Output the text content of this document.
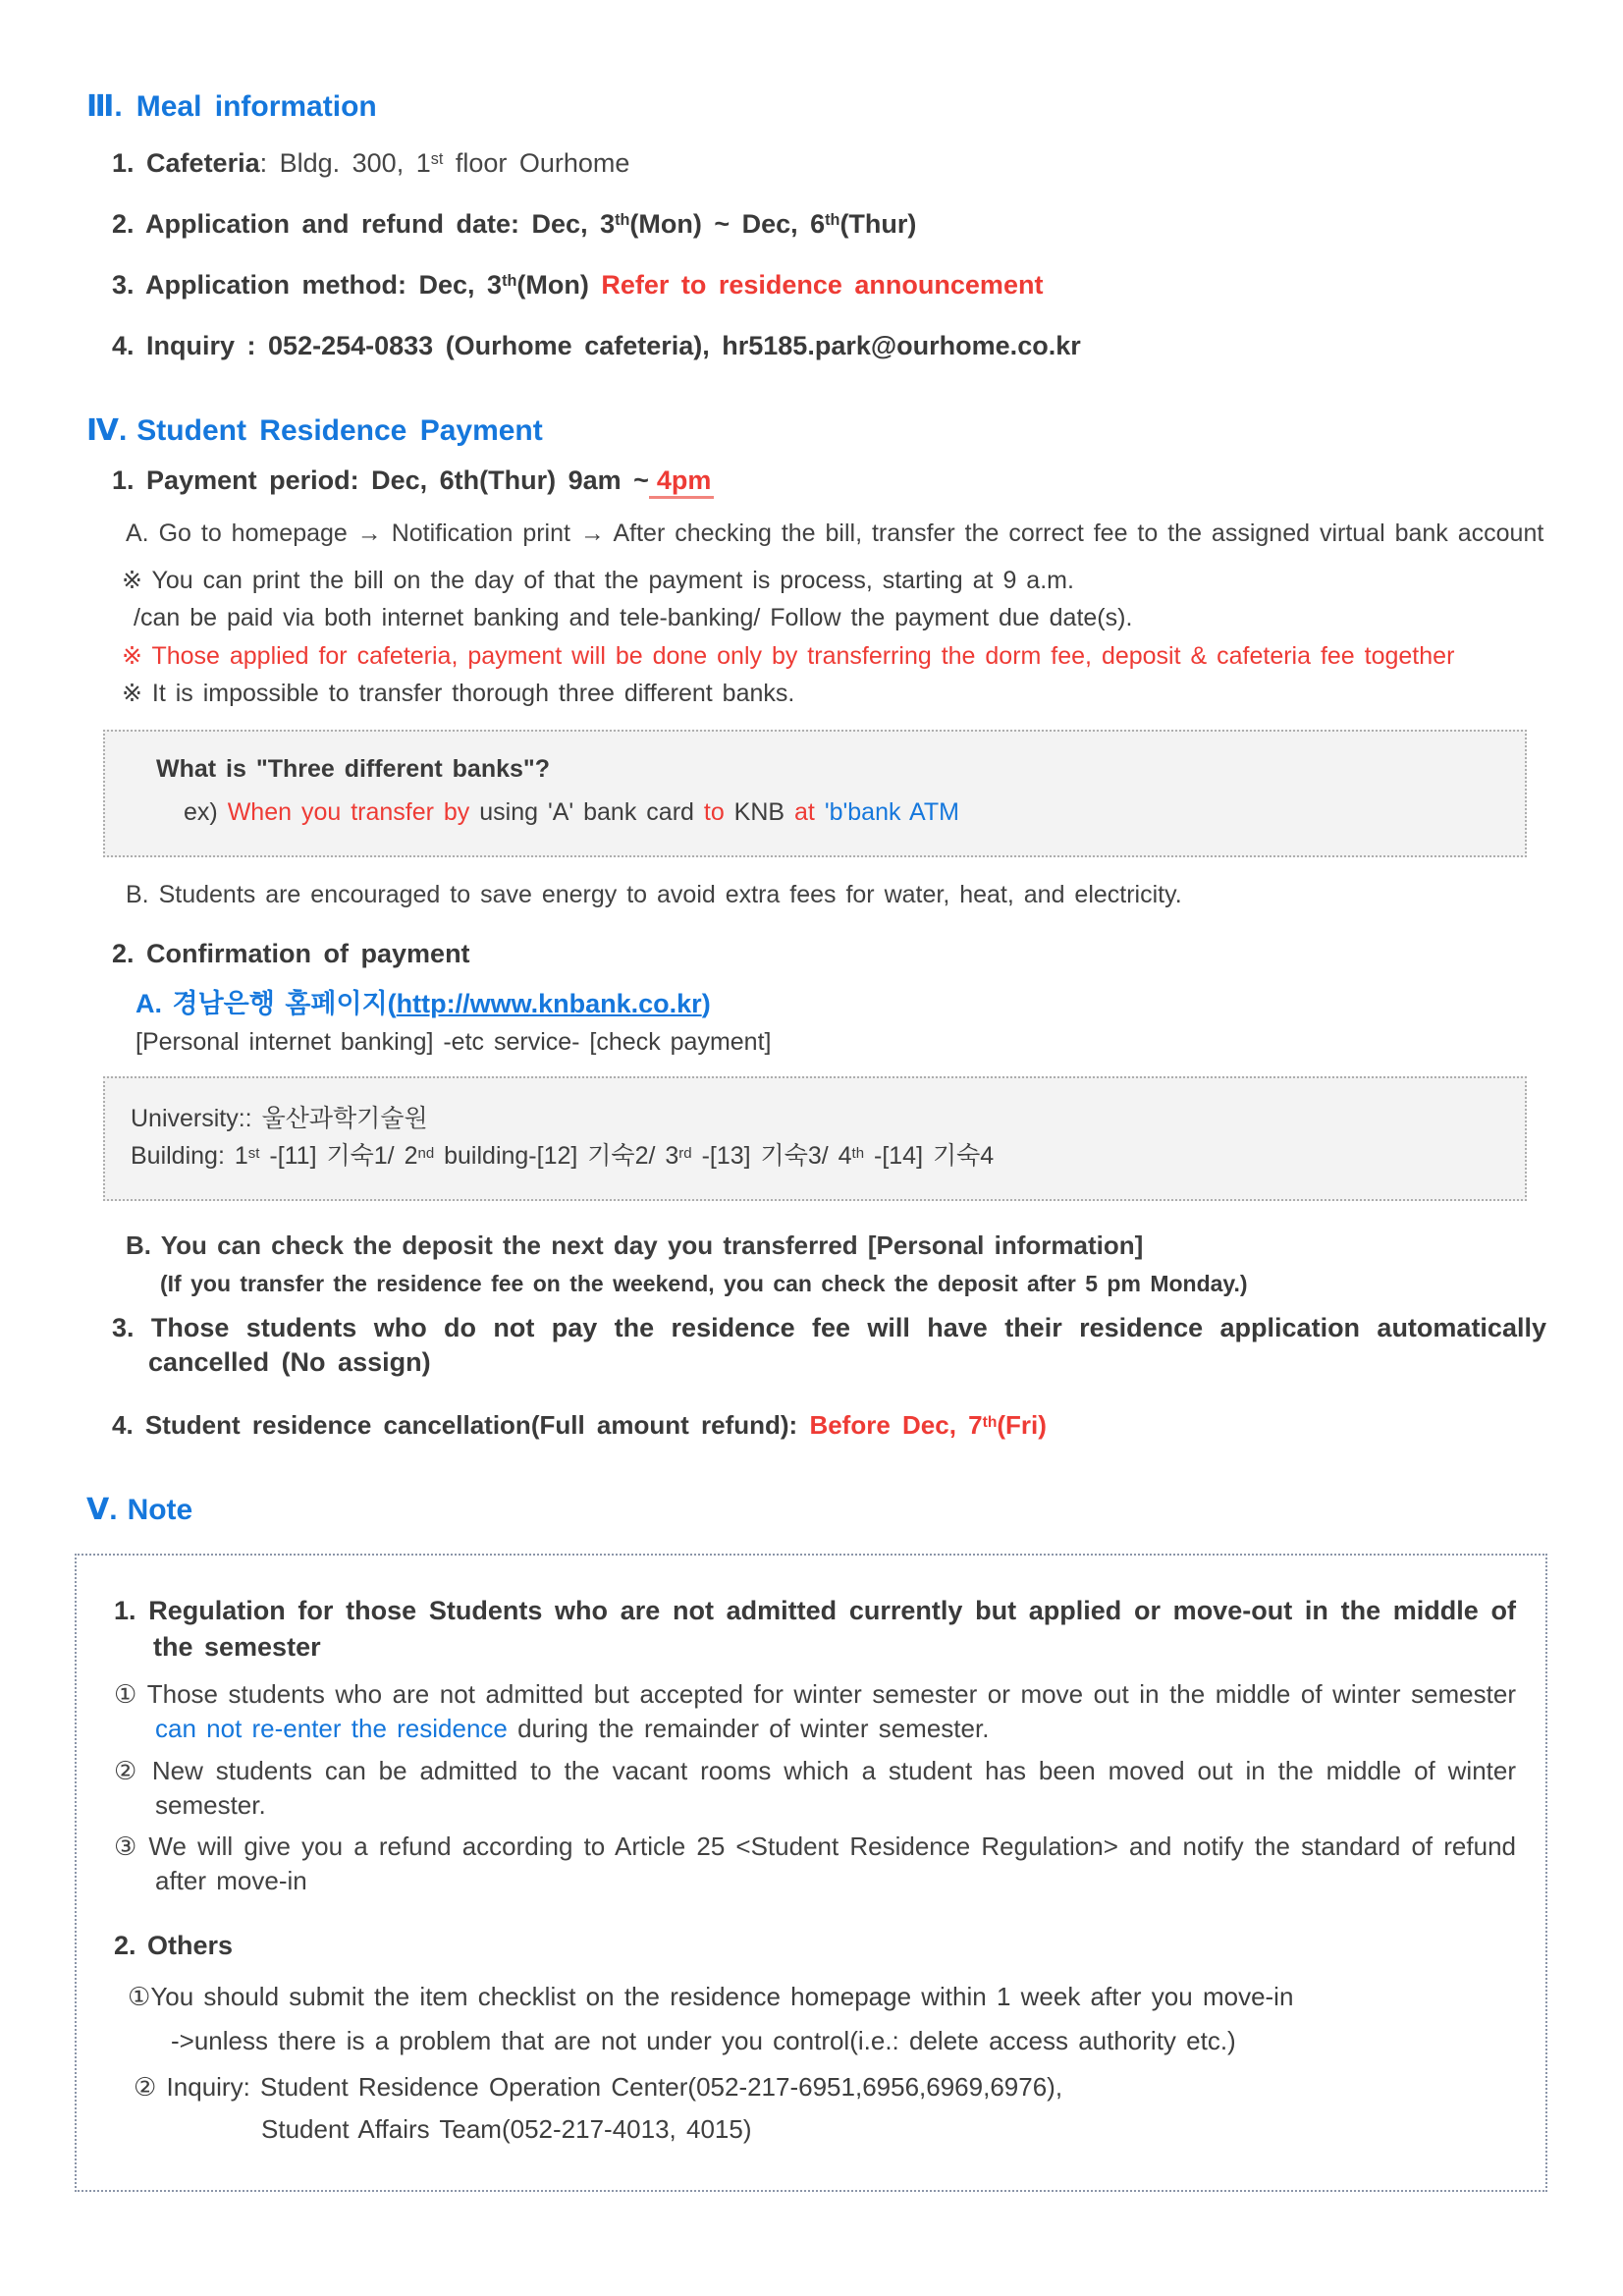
Ⅲ. Meal information
1. Cafeteria: Bldg. 300, 1st floor Ourhome
2. Application and refund date: Dec, 3th(Mon) ~ Dec, 6th(Thur)
3. Application method: Dec, 3th(Mon) Refer to residence announcement
4. Inquiry : 052-254-0833 (Ourhome cafeteria), hr5185.park@ourhome.co.kr
Ⅳ. Student Residence Payment
1. Payment period: Dec, 6th(Thur) 9am ~ 4pm
A. Go to homepage → Notification print → After checking the bill, transfer the correct fee to the assigned virtual bank account
※ You can print the bill on the day of that the payment is process, starting at 9 a.m.
/can be paid via both internet banking and tele-banking/ Follow the payment due date(s).
※ Those applied for cafeteria, payment will be done only by transferring the dorm fee, deposit & cafeteria fee together
※ It is impossible to transfer thorough three different banks.
What is "Three different banks"?
ex) When you transfer by using 'A' bank card to KNB at 'b'bank ATM
B. Students are encouraged to save energy to avoid extra fees for water, heat, and electricity.
2. Confirmation of payment
A. 경남은행 홈페이지(http://www.knbank.co.kr)
[Personal internet banking] -etc service- [check payment]
University:: 울산과학기술원
Building: 1st -[11] 기숙1/ 2nd building-[12] 기숙2/ 3rd -[13] 기숙3/ 4th -[14] 기숙4
B. You can check the deposit the next day you transferred [Personal information]
(If you transfer the residence fee on the weekend, you can check the deposit after 5 pm Monday.)
3. Those students who do not pay the residence fee will have their residence application automatically cancelled (No assign)
4. Student residence cancellation(Full amount refund): Before Dec, 7th(Fri)
Ⅴ. Note
1. Regulation for those Students who are not admitted currently but applied or move-out in the middle of the semester
① Those students who are not admitted but accepted for winter semester or move out in the middle of winter semester can not re-enter the residence during the remainder of winter semester.
② New students can be admitted to the vacant rooms which a student has been moved out in the middle of winter semester.
③ We will give you a refund according to Article 25 <Student Residence Regulation> and notify the standard of refund after move-in
2. Others
①You should submit the item checklist on the residence homepage within 1 week after you move-in
->unless there is a problem that are not under you control(i.e.: delete access authority etc.)
② Inquiry: Student Residence Operation Center(052-217-6951,6956,6969,6976),
Student Affairs Team(052-217-4013, 4015)
